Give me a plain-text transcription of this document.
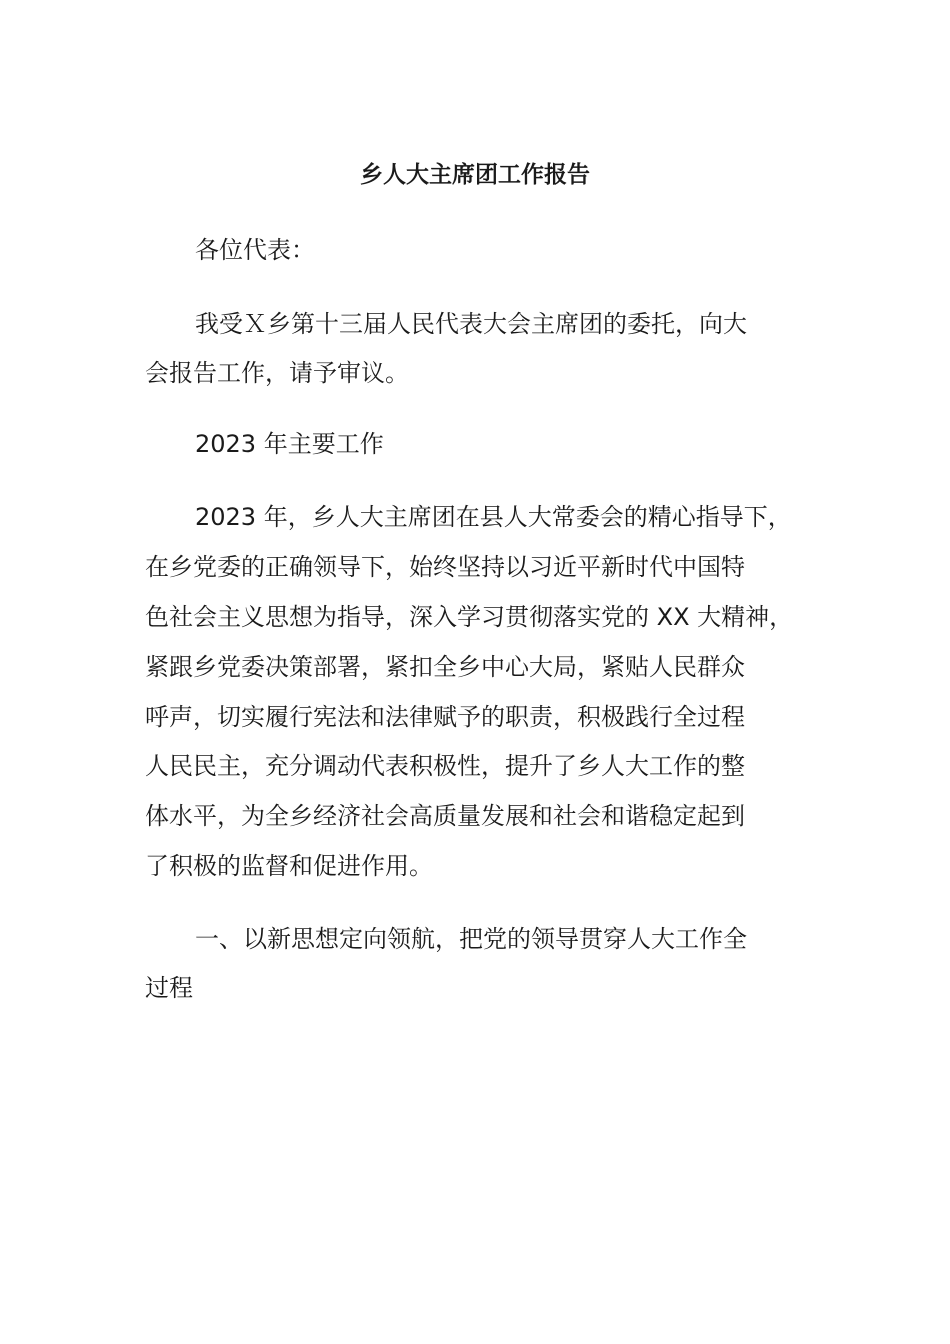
乡人大主席团工作报告
各位代表：
我受Ｘ乡第十三届人民代表大会主席团的委托，向大
会报告工作，请予审议。
2023 年主要工作
2023 年，乡人大主席团在县人大常委会的精心指导下，
在乡党委的正确领导下，始终坚持以习近平新时代中国特
色社会主义思想为指导，深入学习贯彻落实党的 XX 大精神，
紧跟乡党委决策部署，紧扣全乡中心大局，紧贴人民群众
呼声，切实履行宪法和法律赋予的职责，积极践行全过程
人民民主，充分调动代表积极性，提升了乡人大工作的整
体水平，为全乡经济社会高质量发展和社会和谐稳定起到
了积极的监督和促进作用。
一、以新思想定向领航，把党的领导贯穿人大工作全
过程
